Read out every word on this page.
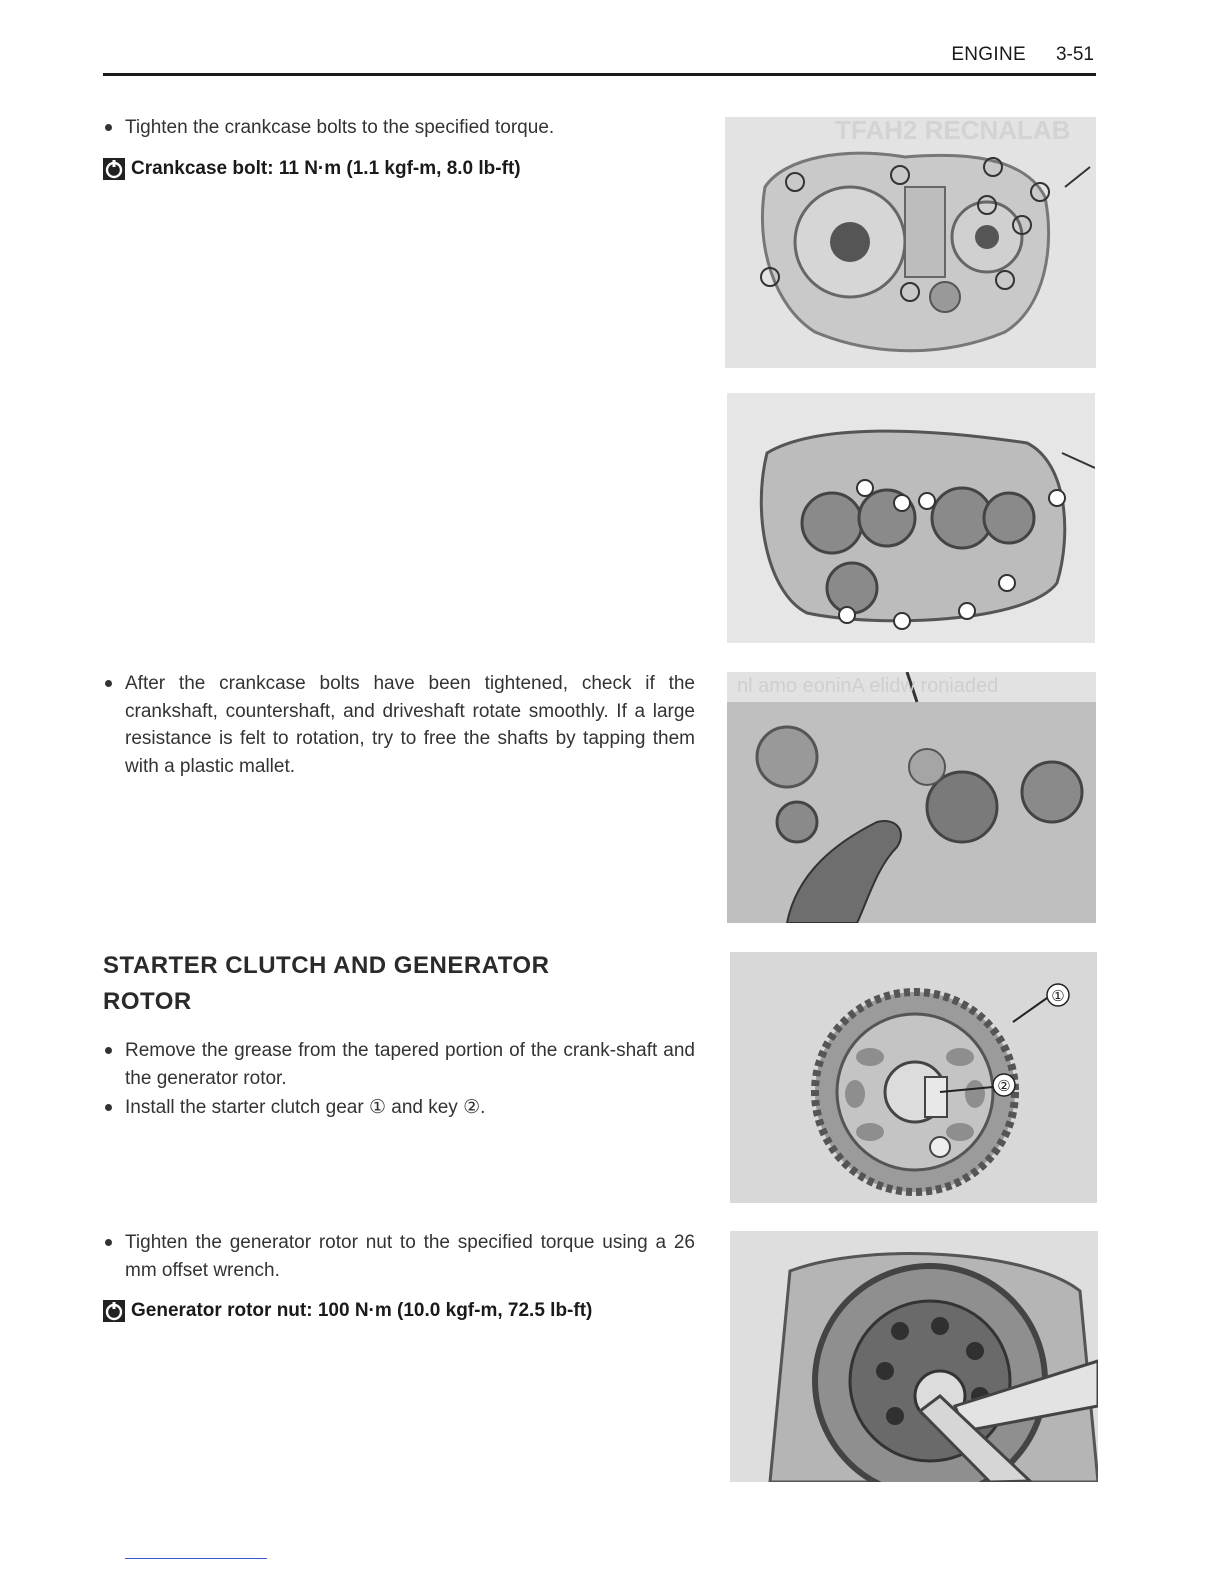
ENGINE 3-51
Tighten the crankcase bolts to the specified torque.
Crankcase bolt: 11 N·m (1.1 kgf-m, 8.0 lb-ft)
After the crankcase bolts have been tightened, check if the crankshaft, countershaft, and driveshaft rotate smoothly. If a large resistance is felt to rotation, try to free the shafts by tapping them with a plastic mallet.
STARTER CLUTCH AND GENERATOR
ROTOR
Remove the grease from the tapered portion of the crank-shaft and the generator rotor.
Install the starter clutch gear ① and key ②.
Tighten the generator rotor nut to the specified torque using a 26 mm offset wrench.
Generator rotor nut: 100 N·m (10.0 kgf-m, 72.5 lb-ft)
TFAH2 RECNALAB
nl amo eoninA elidw roniaded
①
②
